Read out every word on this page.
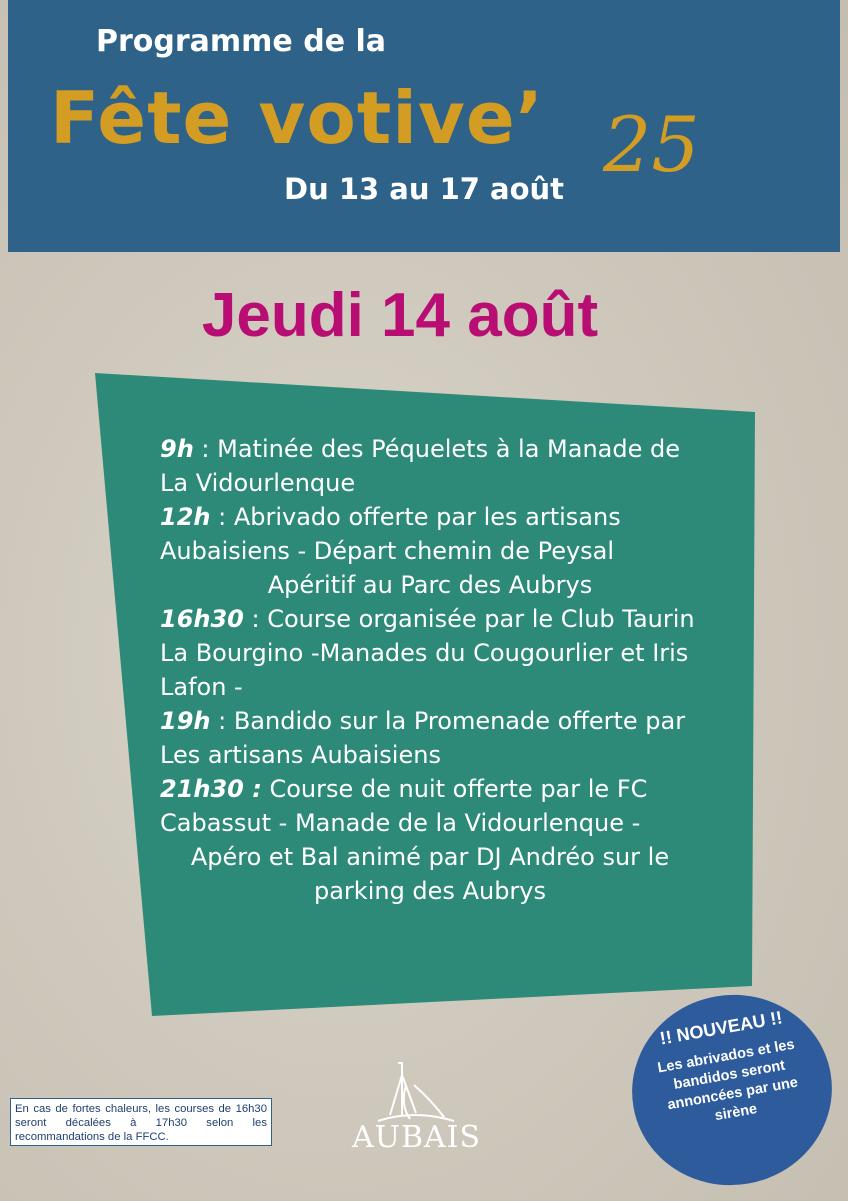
Programme de la
Fête votive’ 25
Du 13 au 17 août
Jeudi 14 août

9h : Matinée des Péquelets à la Manade de La Vidourlenque

12h : Abrivado offerte par les artisans Aubaisiens - Départ chemin de Peysal

Apéritif au Parc des Aubrys

16h30 : Course organisée par le Club Taurin La Bourgino -Manades du Cougourlier et Iris Lafon -

19h : Bandido sur la Promenade offerte par Les artisans Aubaisiens

21h30 : Course de nuit offerte par le FC Cabassut - Manade de la Vidourlenque -

Apéro et Bal animé par DJ Andréo sur le parking des Aubrys

En cas de fortes chaleurs, les courses de 16h30 seront décalées à 17h30 selon les recommandations de la FFCC.	AUBAIS
!! NOUVEAU !!
Les abrivados et les bandidos seront annoncées par une sirène
